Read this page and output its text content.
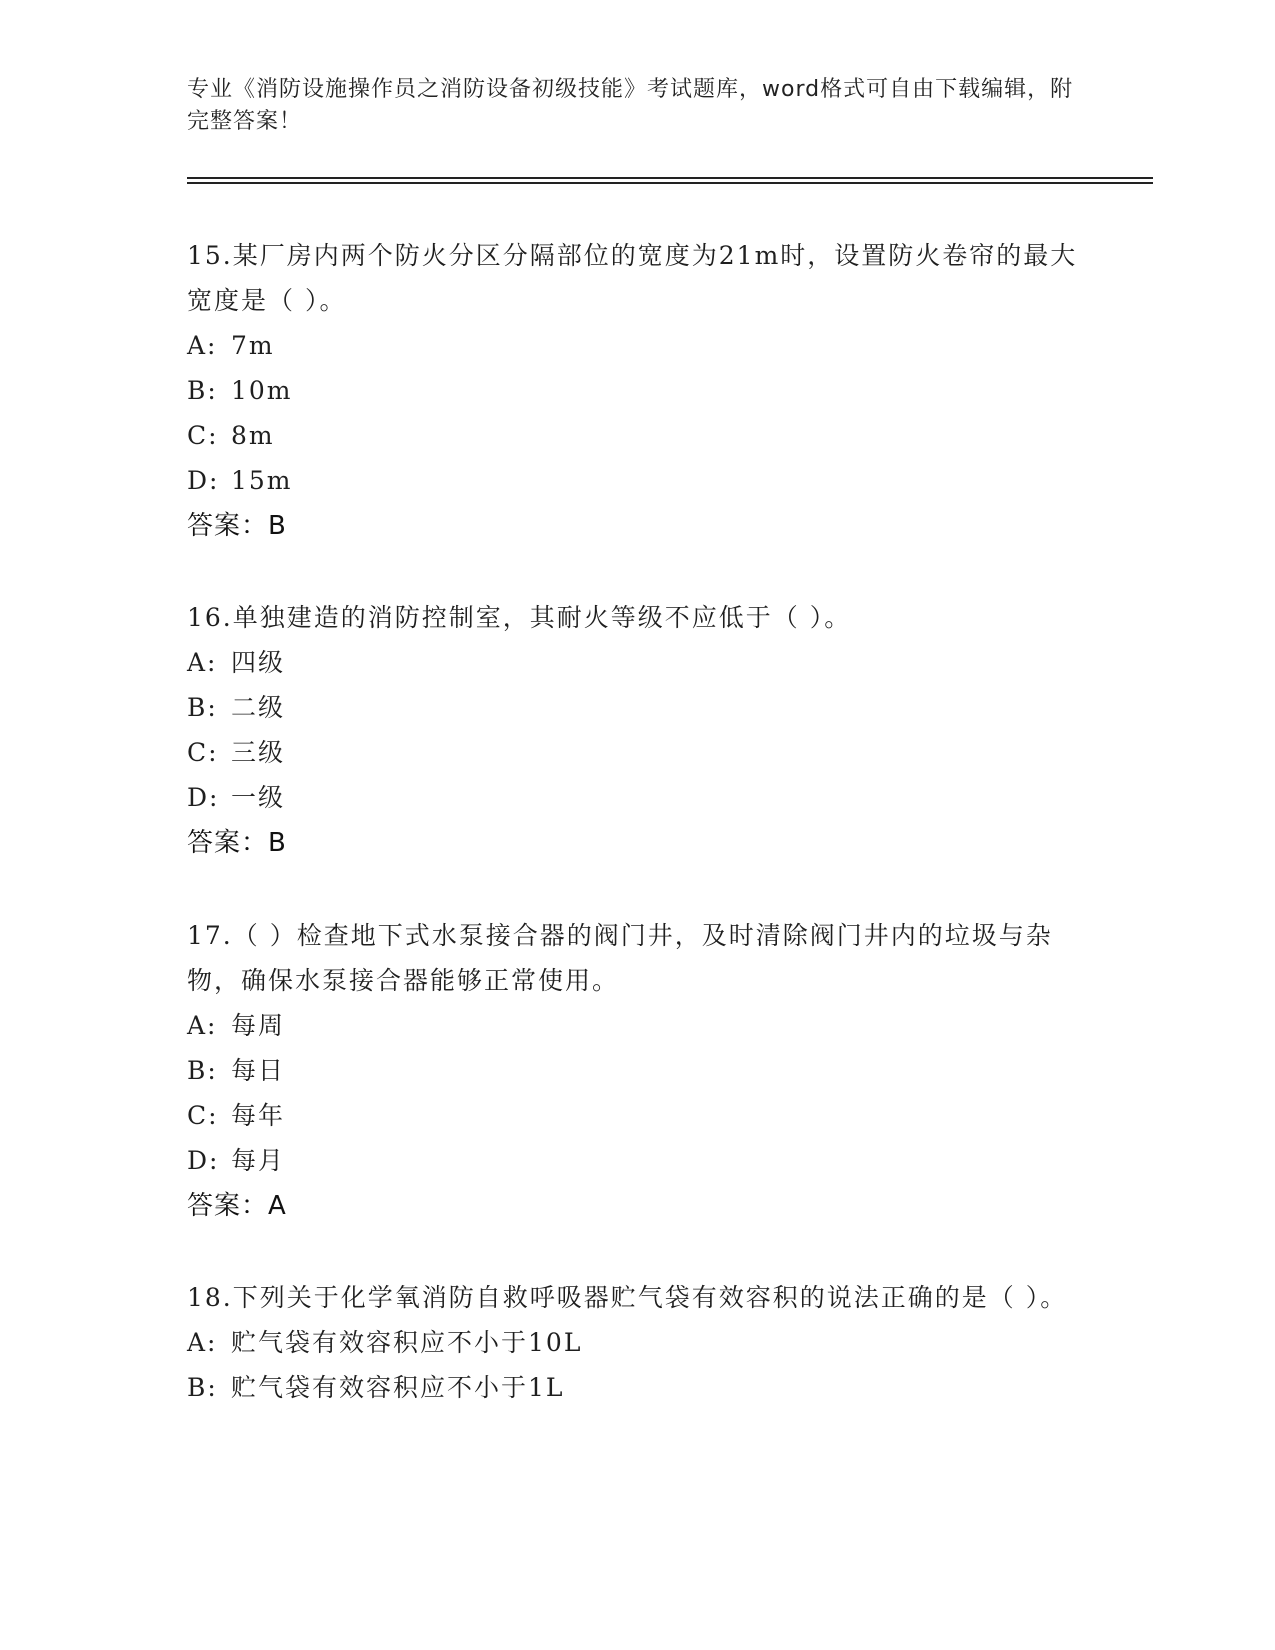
专业《消防设施操作员之消防设备初级技能》考试题库，word格式可自由下载编辑，附完整答案！
15.某厂房内两个防火分区分隔部位的宽度为21m时，设置防火卷帘的最大宽度是（ ）。
A: 7m
B: 10m
C: 8m
D: 15m
答案：B
16.单独建造的消防控制室，其耐火等级不应低于（ ）。
A: 四级
B: 二级
C: 三级
D: 一级
答案：B
17.（ ）检查地下式水泵接合器的阀门井，及时清除阀门井内的垃圾与杂物，确保水泵接合器能够正常使用。
A: 每周
B: 每日
C: 每年
D: 每月
答案：A
18.下列关于化学氧消防自救呼吸器贮气袋有效容积的说法正确的是（ ）。
A: 贮气袋有效容积应不小于10L
B: 贮气袋有效容积应不小于1L
